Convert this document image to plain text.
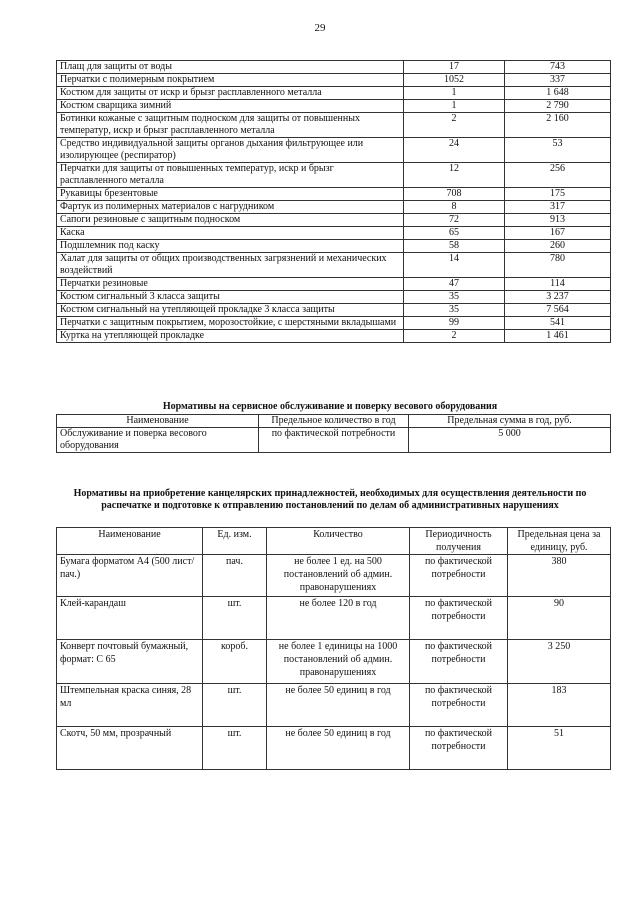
29
Плащ для защиты от воды	17	743
Перчатки с полимерным покрытием	1052	337
Костюм для защиты от искр и брызг расплавленного металла	1	1 648
Костюм сварщика зимний	1	2 790
Ботинки кожаные с защитным подноском для защиты от повышенных температур, искр и брызг расплавленного металла	2	2 160
Средство индивидуальной защиты органов дыхания фильтрующее или изолирующее (респиратор)	24	53
Перчатки для защиты от повышенных температур, искр и брызг расплавленного металла	12	256
Рукавицы брезентовые	708	175
Фартук из полимерных материалов с нагрудником	8	317
Сапоги резиновые с защитным подноском	72	913
Каска	65	167
Подшлемник под каску	58	260
Халат для защиты от общих производственных загрязнений и механических воздействий	14	780
Перчатки резиновые	47	114
Костюм сигнальный 3 класса защиты	35	3 237
Костюм сигнальный на утепляющей прокладке 3 класса защиты	35	7 564
Перчатки с защитным покрытием, морозостойкие, с шерстяными вкладышами	99	541
Куртка на утепляющей прокладке	2	1 461
Нормативы на сервисное обслуживание и поверку весового оборудования
Наименование	Предельное количество в год	Предельная сумма в год, руб.
Обслуживание и поверка весового оборудования	по фактической потребности	5 000
Нормативы на приобретение канцелярских принадлежностей, необходимых для осуществления деятельности по распечатке и подготовке к отправлению постановлений по делам об административных нарушениях
Наименование	Ед. изм.	Количество	Периодичность получения	Предельная цена за единицу, руб.
Бумага форматом А4 (500 лист/пач.)	пач.	не более 1 ед. на 500 постановлений об админ. правонарушениях	по фактической потребности	380
Клей-карандаш	шт.	не более 120 в год	по фактической потребности	90
Конверт почтовый бумажный, формат: С 65	короб.	не более 1 единицы на 1000 постановлений об админ. правонарушениях	по фактической потребности	3 250
Штемпельная краска синяя, 28 мл	шт.	не более 50 единиц в год	по фактической потребности	183
Скотч, 50 мм, прозрачный	шт.	не более 50 единиц в год	по фактической потребности	51
